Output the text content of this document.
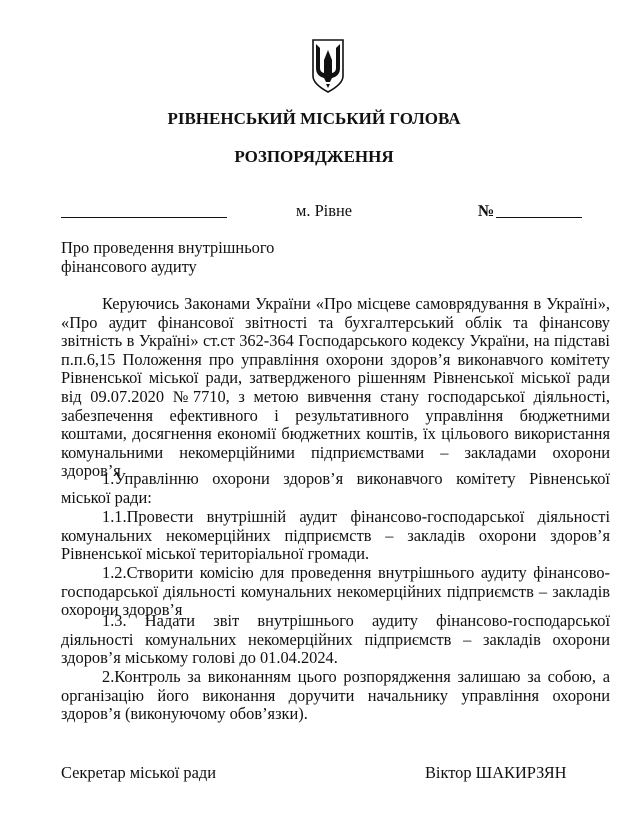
РІВНЕНСЬКИЙ МІСЬКИЙ ГОЛОВА
РОЗПОРЯДЖЕННЯ
м. Рівне	№
Про проведення внутрішнього
фінансового аудиту
Керуючись Законами України «Про місцеве самоврядування в Україні», «Про аудит фінансової звітності та бухгалтерський облік та фінансову звітність в Україні» ст.ст 362-364 Господарського кодексу України, на підставі п.п.6,15 Положення про управління охорони здоров’я виконавчого комітету Рівненської міської ради, затвердженого рішенням Рівненської міської ради від 09.07.2020 №7710, з метою вивчення стану господарської діяльності, забезпечення ефективного і результативного управління бюджетними коштами, досягнення економії бюджетних коштів, їх цільового використання комунальними некомерційними підприємствами – закладами охорони здоров’я
1.Управлінню охорони здоров’я виконавчого комітету Рівненської міської ради:
1.1.Провести внутрішній аудит фінансово-господарської діяльності комунальних некомерційних підприємств – закладів охорони здоров’я Рівненської міської територіальної громади.
1.2.Створити комісію для проведення внутрішнього аудиту фінансово-господарської діяльності комунальних некомерційних підприємств – закладів охорони здоров’я
1.3. Надати звіт внутрішнього аудиту фінансово-господарської діяльності комунальних некомерційних підприємств – закладів охорони здоров’я міському голові до 01.04.2024.
2.Контроль за виконанням цього розпорядження залишаю за собою, а організацію його виконання доручити начальнику управління охорони здоров’я (виконуючому обов’язки).
Секретар міської ради	Віктор ШАКИРЗЯН
